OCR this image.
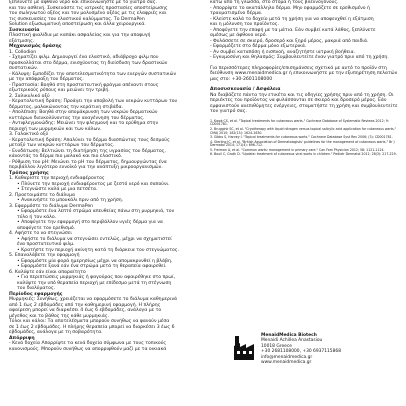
ξεπλύνετε με άφθονο νερό και επικοινωνήστε με το γιατρό σας.

και του ασθενή. Συσκευάστε τις ιατρικές προστασίες αποστείρωσης

του σωληνωτού οξέος και τον μολυσμένο οξέος με τις ελαφριές και

τις συσκευασίες του ελαστικού καλύμματος. Το DermaPen

Solution εξωσωματική αποστείρωση και άλλα χειρουργικά.

Συσκευασία

Πλαστική φιαλίδια με καπάκι ασφαλείας και για την αποφυγή

εξάτμισης.

Μηχανισμός δράσης

1. Collodion

- Σχηματίζει φιλμ. Δημιουργεί ένα ελαστικό, αδιάβροχο φιλμ που

προσκολλάται στο δέρμα, ενισχύοντας τη διείσδυση των δραστικών

συστατικών.

- Κάλυψη: Εμποδίζει την αποτελεσματικότητα των ενεργών συστατικών

με την απόφραξη του δέρματος.

- Προστασία: Βοηθά στη προστατευτική φράγμα απέναντι στους

εξωτερικούς ρύπους και μειώνει την τριβή.

2. Σαλικυλικό οξύ

- Κερατολυτική δράση: Προάγει την αποβολή των νεκρών κυττάρων του

δέρματος, μαλακώνοντας την κεράτινη στιβάδα.

- Απολέπιση: Βοηθά στην απομάκρυνση των νεκρών δερματικών

κυττάρων διευκολύνοντας την αναγέννηση του δέρματος.

- Αντιφλεγμονώδης: Μειώνει την φλεγμονή και το ερύθημα στην

περιοχή των μυρμηκιών και των κάλων.

3. Γαλακτικό οξύ

- Κερατολυτική δράση: Απαλύνει το δέρμα διασπώντας τους δεσμούς

μεταξύ των νεκρών κυττάρων του δέρματος.

- Ενυδάτωση: Βελτιώνει τη διατήρηση της υγρασίας του δέρματος,

κάνοντάς το δέρμα πιο μαλακό και πιο ελαστικό.

- Ρύθμιση του pH: Μειώνει το pH του δέρματος, δημιουργώντας ένα

περιβάλλον λιγότερο ευνοϊκό για την ανάπτυξη μικροοργανισμών.

Τρόπος χρήσης

1. Καθαρίστε την περιοχή ενδιαφέροντος

• Πλύνετε την περιοχή ενδιαφέροντος με ζεστό νερό και σαπούνι.

• Στεγνώστε καλά με μια πετσέτα.

2. Προετοιμάστε το διάλυμα

• Ανακινήστε το μπουκάλι πριν από τη χρήση.

3. Εφαρμόστε το διάλυμα DermaPen

• Εφαρμόστε ένα λεπτό στρώμα απευθείας πάνω στη μυρμηκιά, τον

τύλο ή τον κάλο.

• Αποφύγετε την εφαρμογή στο περιβάλλον υγιές δέρμα για να

αποφύγετε τον ερεθισμό.

4. Αφήστε το να στεγνώσει

• Αφήστε το διάλυμα να στεγνώσει εντελώς, μέχρι να σχηματιστεί

ένα προστατευτικό φιλμ.

• Κρατήστε την περιοχή ακίνητη κατά τη διάρκεια του στεγνώματος.

5. Επαναλάβετε την εφαρμογή

• Εφαρμόστε μία φορά ημερησίως μέχρι να απομακρυνθεί η βλάβη.

• Εφαρμόστε ξανά εάν ένα στρώμα μετά τη θεραπεία αφαιρεθεί.

6. Καλύψτε εάν είναι απαραίτητο

• Για περιπτώσεις μυρμηκιάς ή φαγούρας που αφαιρέθηκε στο πρωί,

καλύψτε την υπό θεραπεία περιοχή με επίδεσμο μετά τη στέγνωση

του διαλύματος.

Περίοδος εφαρμογής

Μυρμηκιές: Συνήθως, χρειάζεται να εφαρμόσετε το διάλυμα καθημερινά

από 1 έως 2 εβδομάδες από την καθημερινή εφαρμογή. Η πλήρης

αφαίρεση μπορεί να διαρκέσει 4 έως 6 εβδομάδες, ανάλογα με το

μέγεθος και το βάθος της κάθε μυρμηκιάς.

Τύλοι και κάλοι: Τα αποτελέσματα μπορούν συνήθως να φανούν μέσα

σε 1 έως 2 εβδομάδες. Η πλήρης θεραπεία μπορεί να διαρκέσει 3 έως 6

εβδομάδες, ανάλογα με τη σοβαρότητα.

Απόρριψη

- Κενά δοχεία Απορρίψτε τα κενά δοχεία σύμφωνα με τους τοπικούς

κανονισμούς. Μπορούν συνήθως να απορριφθούν μαζί με τα οικιακά

κάτω από τη γλώσσα, στο στόμα ή τους βλεννογόνους.

- Απορρίψτε το ακατάλληλο δέρμα. Μην εφαρμόζετε σε ερεθισμένο ή

τραυματισμένο δέρμα.

- Κλείστε καλά το δοχείο μετά τη χρήση για να αποφευχθεί η εξάτμιση

και η μόλυνση του προϊόντος.

- Αποφύγετε την επαφή με τα μάτια. Εάν συμβεί κατά λάθος, ξεπλύνετε

αμέσως με άφθονο νερό.

- Φυλάσσετε σε σκιερό, δροσερό και ξηρό μέρος, μακριά από παιδιά.

- Εφαρμόζετε στο δέρμα μόνο εξωτερικά.

- Αν συμβεί καταπόση ή εισπνοή, αναζητήστε ιατρική βοήθεια.

- Εγκυμοσύνη και θηλασμός: Συμβουλευτείτε έναν γιατρό πριν από τη χρήση.

Για περισσότερες πληροφορίες/επισημάνσεις σχετικά με αυτό το προϊόν στη διεύθυνση www.menaidmedica.gr ή επικοινωνήστε με την εξυπηρέτηση πελατών μας στο: +30-2601108000

Αποσυσκευασία / Ασφάλεια

Να διαβάζετε πάντα την ετικέτα και τις οδηγίες χρήσης πριν από τη χρήση. Οι περιέκτες του προϊόντος να φυλάσσονται σε σκιερό και δροσερό μέρος. Εάν εμφανιστούν ανεπιθύμητες ενέργειες, σταματήστε τη χρήση και συμβουλευτείτε τον γιατρό σας.

1. Kwok CS, et al. "Topical treatments for cutaneous warts." Cochrane Database of Systematic Reviews 2012; 9: CD001781.

2. Bruggink SC, et al. "Cryotherapy with liquid nitrogen versus topical salicylic acid application for cutaneous warts." CMAJ 2010; 182(15): 1624-1630.

3. Gibbs S, Harvey I. "Topical treatments for cutaneous warts." Cochrane Database Syst Rev 2006; (3): CD001781.

4. Sterling JC, et al. "British Association of Dermatologists' guidelines for the management of cutaneous warts." Br J Dermatol 2014; 171(4): 696-712.

5. Freiman A, et al. "Common warts: management in primary care." Can Fam Physician 2012; 58: 1121-1124.

6. Boull C, Groth D. "Update: treatment of cutaneous viral warts in children." Pediatr Dermatol 2011; 28(3): 217-229.

MenaidMedica Biotech
Menaidi Achillea Anastasiou
10018 Greece
+30 2681108000, +30 6937115868
info@menaidmedica.gr
www.menaidmedica.gr
